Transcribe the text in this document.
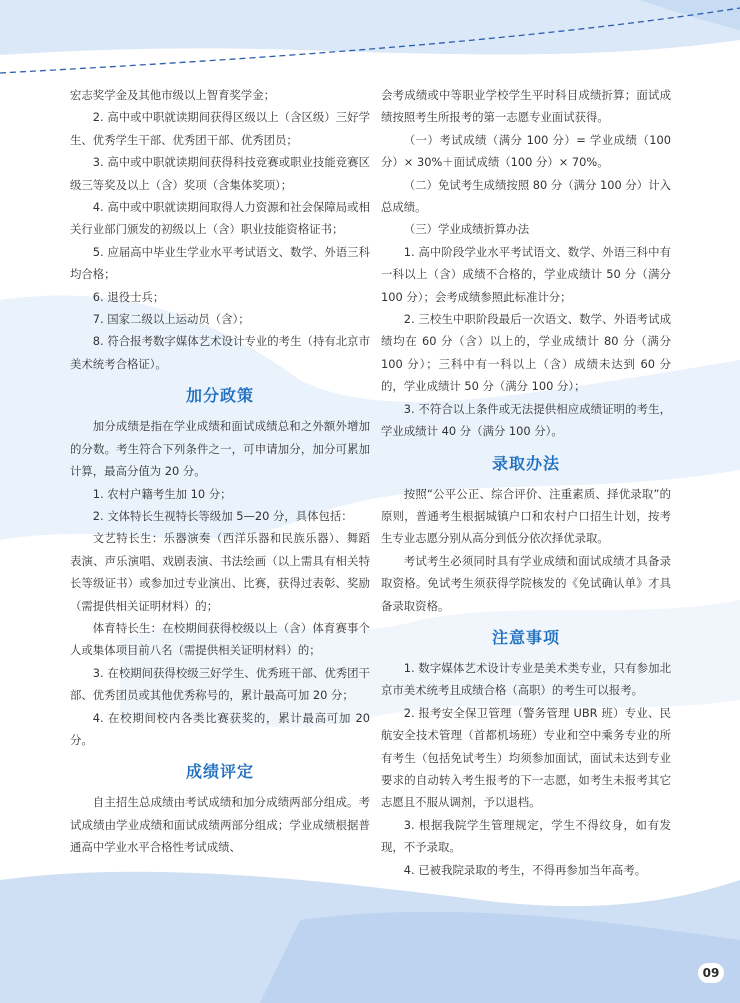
宏志奖学金及其他市级以上智育奖学金；

2. 高中或中职就读期间获得区级以上（含区级）三好学生、优秀学生干部、优秀团干部、优秀团员；

3. 高中或中职就读期间获得科技竞赛或职业技能竞赛区级三等奖及以上（含）奖项（含集体奖项）；

4. 高中或中职就读期间取得人力资源和社会保障局或相关行业部门颁发的初级以上（含）职业技能资格证书；

5. 应届高中毕业生学业水平考试语文、数学、外语三科均合格；

6. 退役士兵；

7. 国家二级以上运动员（含）；

8. 符合报考数字媒体艺术设计专业的考生（持有北京市美术统考合格证）。

加分政策

加分成绩是指在学业成绩和面试成绩总和之外额外增加的分数。考生符合下列条件之一，可申请加分，加分可累加计算，最高分值为 20 分。

1. 农村户籍考生加 10 分；

2. 文体特长生视特长等级加 5—20 分，具体包括：

文艺特长生：乐器演奏（西洋乐器和民族乐器）、舞蹈表演、声乐演唱、戏剧表演、书法绘画（以上需具有相关特长等级证书）或参加过专业演出、比赛，获得过表彰、奖励（需提供相关证明材料）的；

体育特长生：在校期间获得校级以上（含）体育赛事个人或集体项目前八名（需提供相关证明材料）的；

3. 在校期间获得校级三好学生、优秀班干部、优秀团干部、优秀团员或其他优秀称号的，累计最高可加 20 分；

4. 在校期间校内各类比赛获奖的，累计最高可加 20 分。

成绩评定

自主招生总成绩由考试成绩和加分成绩两部分组成。考试成绩由学业成绩和面试成绩两部分组成；学业成绩根据普通高中学业水平合格性考试成绩、

会考成绩或中等职业学校学生平时科目成绩折算；面试成绩按照考生所报考的第一志愿专业面试获得。

（一）考试成绩（满分 100 分）= 学业成绩（100 分）× 30%＋面试成绩（100 分）× 70%。

（二）免试考生成绩按照 80 分（满分 100 分）计入总成绩。

（三）学业成绩折算办法

1. 高中阶段学业水平考试语文、数学、外语三科中有一科以上（含）成绩不合格的，学业成绩计 50 分（满分 100 分）；会考成绩参照此标准计分；

2. 三校生中职阶段最后一次语文、数学、外语考试成绩均在 60 分（含）以上的，学业成绩计 80 分（满分 100 分）；三科中有一科以上（含）成绩未达到 60 分的，学业成绩计 50 分（满分 100 分）；

3. 不符合以上条件或无法提供相应成绩证明的考生，学业成绩计 40 分（满分 100 分）。

录取办法

按照“公平公正、综合评价、注重素质、择优录取”的原则，普通考生根据城镇户口和农村户口招生计划，按考生专业志愿分别从高分到低分依次择优录取。

考试考生必须同时具有学业成绩和面试成绩才具备录取资格。免试考生须获得学院核发的《免试确认单》才具备录取资格。

注意事项

1. 数字媒体艺术设计专业是美术类专业，只有参加北京市美术统考且成绩合格（高职）的考生可以报考。

2. 报考安全保卫管理（警务管理 UBR 班）专业、民航安全技术管理（首都机场班）专业和空中乘务专业的所有考生（包括免试考生）均须参加面试，面试未达到专业要求的自动转入考生报考的下一志愿，如考生未报考其它志愿且不服从调剂，予以退档。

3. 根据我院学生管理规定，学生不得纹身，如有发现，不予录取。

4. 已被我院录取的考生，不得再参加当年高考。

09
